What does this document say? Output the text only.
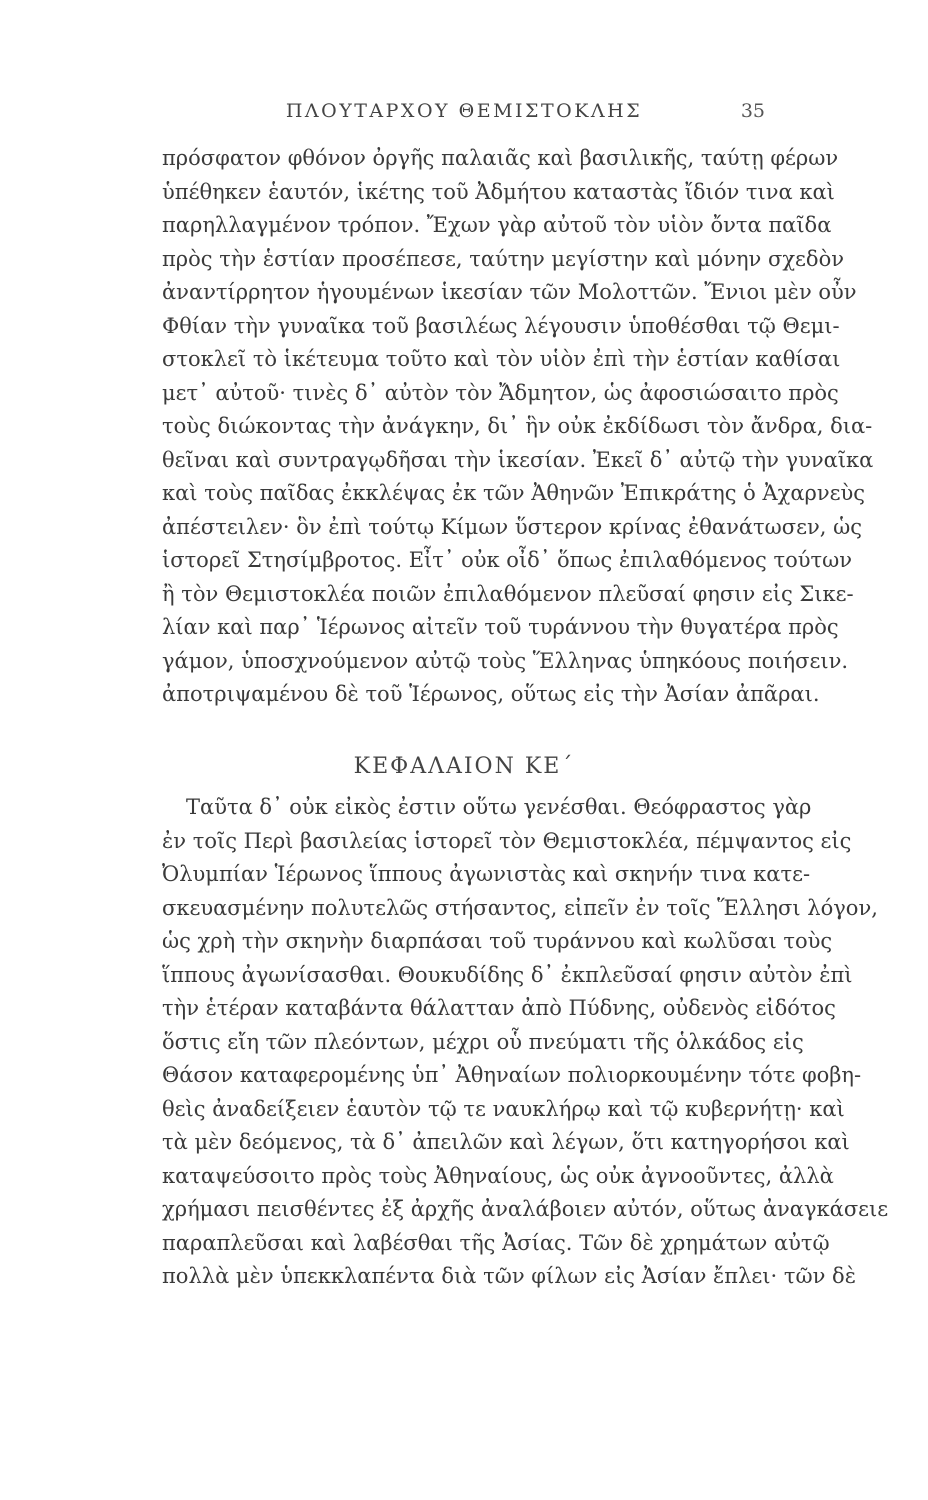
ΠΛΟΥΤΑΡΧΟΥ ΘΕΜΙΣΤΟΚΛΗΣ	35
πρόσφατον φθόνον ὀργῆς παλαιᾶς καὶ βασιλικῆς, ταύτῃ φέρων
ὑπέθηκεν ἑαυτόν, ἱκέτης τοῦ Ἀδμήτου καταστὰς ἴδιόν τινα καὶ
παρηλλαγμένον τρόπον. Ἔχων γὰρ αὐτοῦ τὸν υἱὸν ὄντα παῖδα
πρὸς τὴν ἑστίαν προσέπεσε, ταύτην μεγίστην καὶ μόνην σχεδὸν
ἀναντίρρητον ἡγουμένων ἱκεσίαν τῶν Μολοττῶν. Ἔνιοι μὲν οὖν
Φθίαν τὴν γυναῖκα τοῦ βασιλέως λέγουσιν ὑποθέσθαι τῷ Θεμι-
στοκλεῖ τὸ ἱκέτευμα τοῦτο καὶ τὸν υἱὸν ἐπὶ τὴν ἑστίαν καθίσαι
μετ᾽ αὐτοῦ· τινὲς δ᾽ αὐτὸν τὸν Ἄδμητον, ὡς ἀφοσιώσαιτο πρὸς
τοὺς διώκοντας τὴν ἀνάγκην, δι᾽ ἣν οὐκ ἐκδίδωσι τὸν ἄνδρα, δια-
θεῖναι καὶ συντραγῳδῆσαι τὴν ἱκεσίαν. Ἐκεῖ δ᾽ αὐτῷ τὴν γυναῖκα
καὶ τοὺς παῖδας ἐκκλέψας ἐκ τῶν Ἀθηνῶν Ἐπικράτης ὁ Ἀχαρνεὺς
ἀπέστειλεν· ὃν ἐπὶ τούτῳ Κίμων ὕστερον κρίνας ἐθανάτωσεν, ὡς
ἱστορεῖ Στησίμβροτος. Εἶτ᾽ οὐκ οἶδ᾽ ὅπως ἐπιλαθόμενος τούτων
ἢ τὸν Θεμιστοκλέα ποιῶν ἐπιλαθόμενον πλεῦσαί φησιν εἰς Σικε-
λίαν καὶ παρ᾽ Ἱέρωνος αἰτεῖν τοῦ τυράννου τὴν θυγατέρα πρὸς
γάμον, ὑποσχνούμενον αὐτῷ τοὺς Ἕλληνας ὑπηκόους ποιήσειν.
ἀποτριψαμένου δὲ τοῦ Ἱέρωνος, οὕτως εἰς τὴν Ἀσίαν ἀπᾶραι.
ΚΕΦΑΛΑΙΟΝ ΚΕ΄
Ταῦτα δ᾽ οὐκ εἰκὸς ἐστιν οὕτω γενέσθαι. Θεόφραστος γὰρ
ἐν τοῖς Περὶ βασιλείας ἱστορεῖ τὸν Θεμιστοκλέα, πέμψαντος εἰς
Ὀλυμπίαν Ἱέρωνος ἵππους ἀγωνιστὰς καὶ σκηνήν τινα κατε-
σκευασμένην πολυτελῶς στήσαντος, εἰπεῖν ἐν τοῖς Ἕλλησι λόγον,
ὡς χρὴ τὴν σκηνὴν διαρπάσαι τοῦ τυράννου καὶ κωλῦσαι τοὺς
ἵππους ἀγωνίσασθαι. Θουκυδίδης δ᾽ ἐκπλεῦσαί φησιν αὐτὸν ἐπὶ
τὴν ἑτέραν καταβάντα θάλατταν ἀπὸ Πύδνης, οὐδενὸς εἰδότος
ὅστις εἴη τῶν πλεόντων, μέχρι οὗ πνεύματι τῆς ὁλκάδος εἰς
Θάσον καταφερομένης ὑπ᾽ Ἀθηναίων πολιορκουμένην τότε φοβη-
θεὶς ἀναδείξειεν ἑαυτὸν τῷ τε ναυκλήρῳ καὶ τῷ κυβερνήτῃ· καὶ
τὰ μὲν δεόμενος, τὰ δ᾽ ἀπειλῶν καὶ λέγων, ὅτι κατηγορήσοι καὶ
καταψεύσοιτο πρὸς τοὺς Ἀθηναίους, ὡς οὐκ ἀγνοοῦντες, ἀλλὰ
χρήμασι πεισθέντες ἐξ ἀρχῆς ἀναλάβοιεν αὐτόν, οὕτως ἀναγκάσειε
παραπλεῦσαι καὶ λαβέσθαι τῆς Ἀσίας. Τῶν δὲ χρημάτων αὐτῷ
πολλὰ μὲν ὑπεκκλαπέντα διὰ τῶν φίλων εἰς Ἀσίαν ἔπλει· τῶν δὲ
